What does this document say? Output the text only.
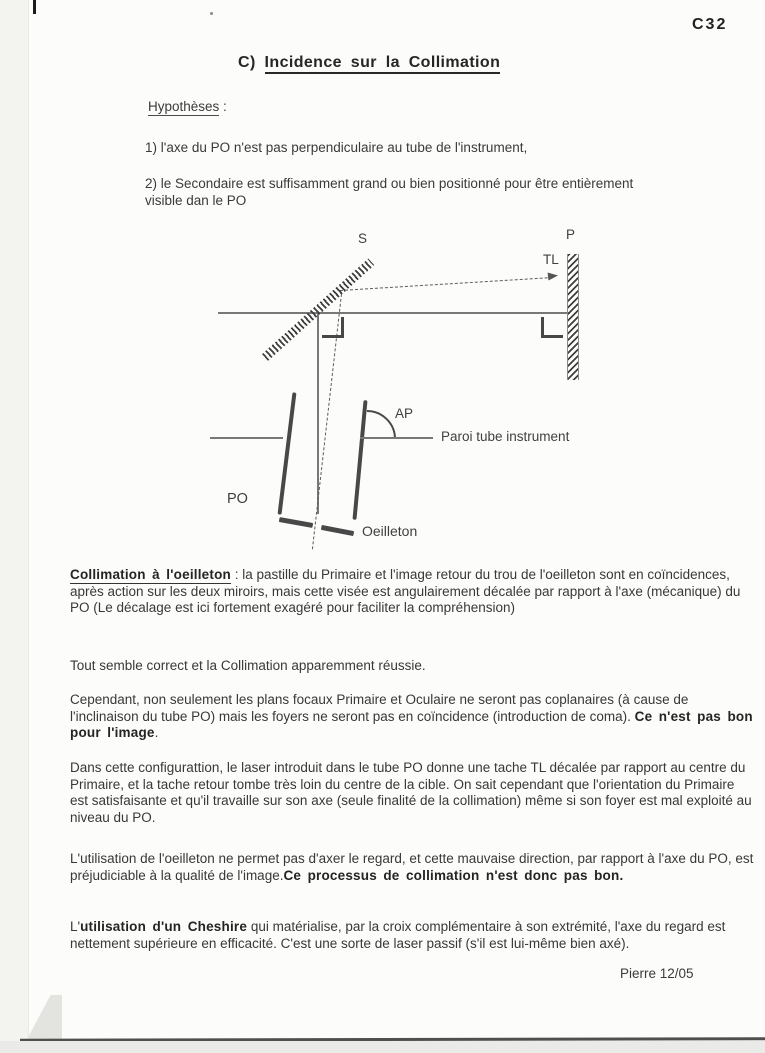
C32
C) Incidence sur la Collimation
Hypothèses :
1) l'axe du PO n'est pas perpendiculaire au tube de l'instrument,
2) le Secondaire est suffisamment grand ou bien positionné pour être entièrement visible dan le PO
S	P
TL
AP
PO
Oeilleton
Paroi tube instrument
Collimation à l'oeilleton : la pastille du Primaire et l'image retour du trou de l'oeilleton sont en coïncidences, après action sur les deux miroirs, mais cette visée est angulairement décalée par rapport à l'axe (mécanique) du PO (Le décalage est ici fortement exagéré pour faciliter la compréhension)
Tout semble correct et la Collimation apparemment réussie.
Cependant, non seulement les plans focaux Primaire et Oculaire ne seront pas coplanaires (à cause de l'inclinaison du tube PO) mais les foyers ne seront pas en coïncidence (introduction de coma). Ce n'est pas bon pour l'image.
Dans cette configurattion, le laser introduit dans le tube PO donne une tache TL décalée par rapport au centre du Primaire, et la tache retour tombe très loin du centre de la cible. On sait cependant que l'orientation du Primaire est satisfaisante et qu'il travaille sur son axe (seule finalité de la collimation) même si son foyer est mal exploité au niveau du PO.
L'utilisation de l'oeilleton ne permet pas d'axer le regard, et cette mauvaise direction, par rapport à l'axe du PO, est préjudiciable à la qualité de l'image.Ce processus de collimation n'est donc pas bon.
L'utilisation d'un Cheshire qui matérialise, par la croix complémentaire à son extrémité, l'axe du regard est nettement supérieure en efficacité. C'est une sorte de laser passif (s'il est lui-même bien axé).
Pierre 12/05
